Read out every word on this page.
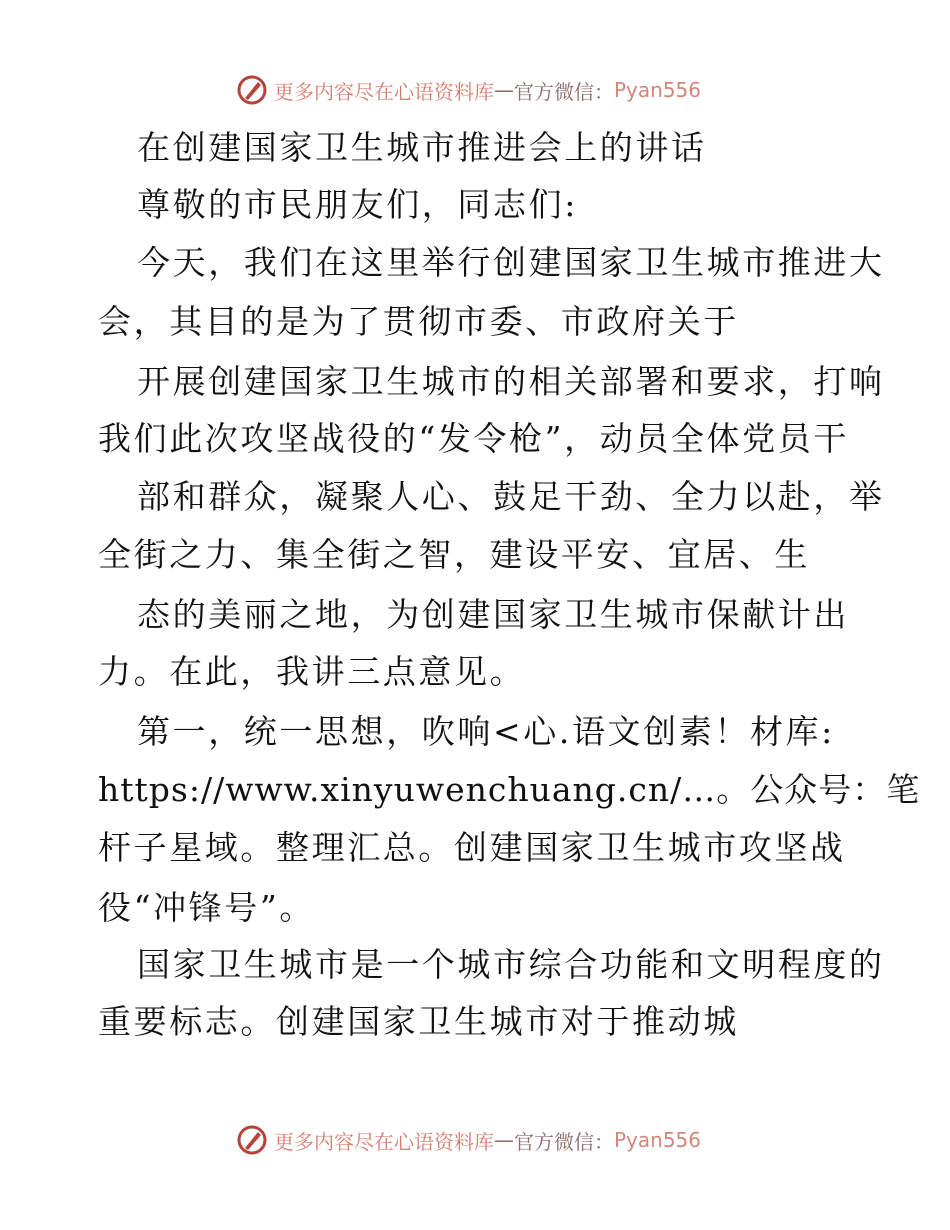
更多内容尽在心语资料库 — 官方微信： Pyan556
在创建国家卫生城市推进会上的讲话
尊敬的市民朋友们，同志们:
今天，我们在这里举行创建国家卫生城市推进大
会，其目的是为了贯彻市委、市政府关于
开展创建国家卫生城市的相关部署和要求，打响
我们此次攻坚战役的“发令枪”，动员全体党员干
部和群众，凝聚人心、鼓足干劲、全力以赴，举
全街之力、集全街之智，建设平安、宜居、生
态的美丽之地，为创建国家卫生城市保献计出
力。在此，我讲三点意见。
第一，统一思想，吹响<心.语文创素！材库:
https://www.xinyuwenchuang.cn/…。公众号：笔
杆子星域。整理汇总。创建国家卫生城市攻坚战
役“冲锋号”。
国家卫生城市是一个城市综合功能和文明程度的
重要标志。创建国家卫生城市对于推动城
更多内容尽在心语资料库 — 官方微信： Pyan556
